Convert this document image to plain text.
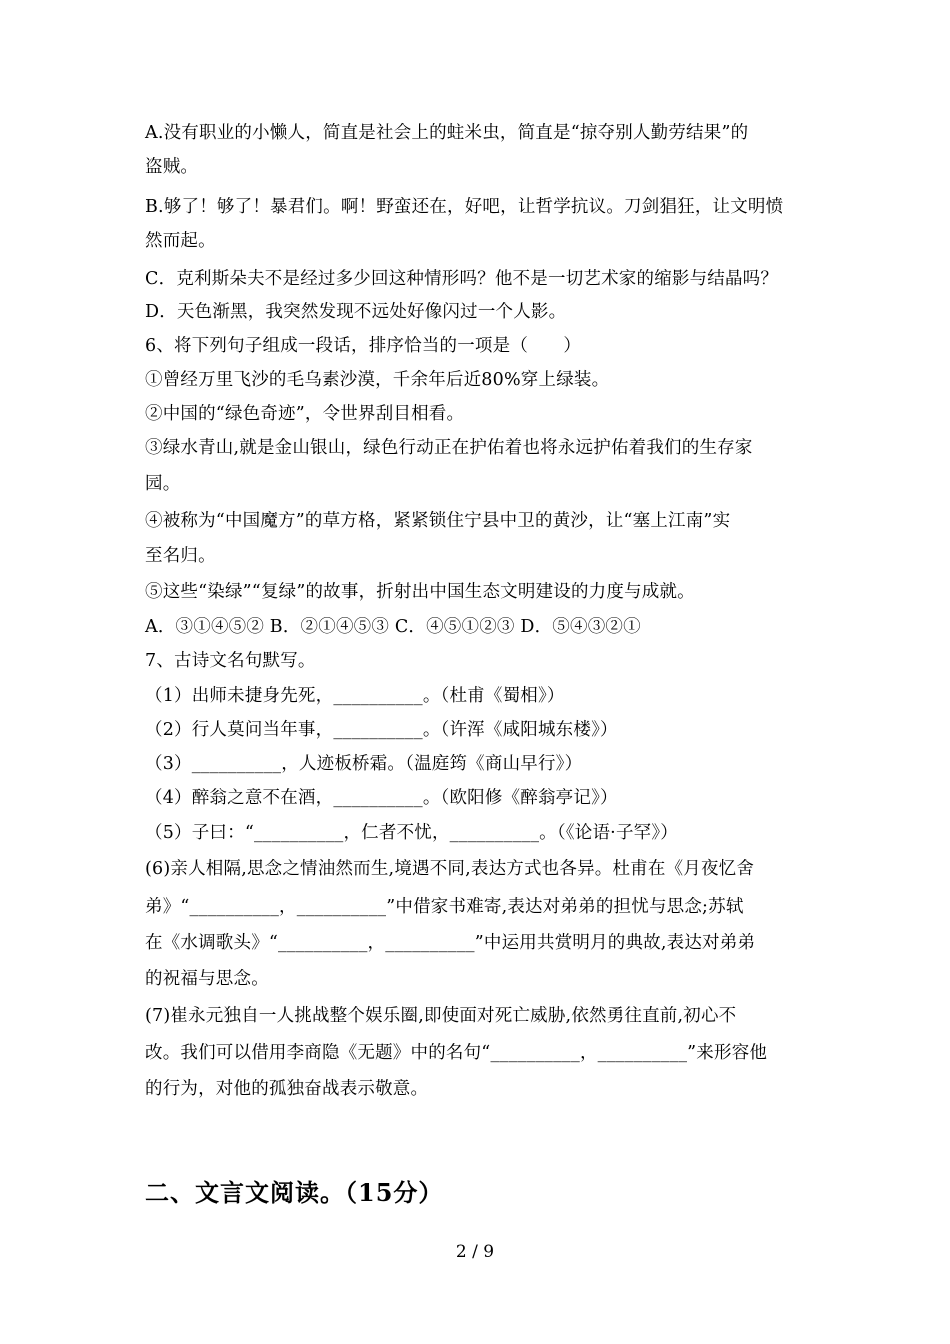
A.没有职业的小懒人，简直是社会上的蛀米虫，简直是“掠夺别人勤劳结果”的
盗贼。
B.够了！够了！暴君们。啊！野蛮还在，好吧，让哲学抗议。刀剑猖狂，让文明愤
然而起。
C．克利斯朵夫不是经过多少回这种情形吗？他不是一切艺术家的缩影与结晶吗？
D．天色渐黑，我突然发现不远处好像闪过一个人影。
6、将下列句子组成一段话，排序恰当的一项是（　　）
①曾经万里飞沙的毛乌素沙漠，千余年后近80%穿上绿装。
②中国的“绿色奇迹”，令世界刮目相看。
③绿水青山,就是金山银山，绿色行动正在护佑着也将永远护佑着我们的生存家
园。
④被称为“中国魔方”的草方格，紧紧锁住宁县中卫的黄沙，让“塞上江南”实
至名归。
⑤这些“染绿”“复绿”的故事，折射出中国生态文明建设的力度与成就。
A．③①④⑤② B．②①④⑤③ C．④⑤①②③ D．⑤④③②①
7、古诗文名句默写。
（1）出师未捷身先死，__________。（杜甫《蜀相》）
（2）行人莫问当年事，__________。（许浑《咸阳城东楼》）
（3）__________，人迹板桥霜。（温庭筠《商山早行》）
（4）醉翁之意不在酒，__________。（欧阳修《醉翁亭记》）
（5）子曰：“__________，仁者不忧，__________。（《论语·子罕》）
(6)亲人相隔,思念之情油然而生,境遇不同,表达方式也各异。杜甫在《月夜忆舍
弟》“__________，__________”中借家书难寄,表达对弟弟的担忧与思念;苏轼
在《水调歌头》“__________，__________”中运用共赏明月的典故,表达对弟弟
的祝福与思念。
(7)崔永元独自一人挑战整个娱乐圈,即使面对死亡威胁,依然勇往直前,初心不
改。我们可以借用李商隐《无题》中的名句“__________，__________”来形容他
的行为，对他的孤独奋战表示敬意。
二、文言文阅读。（15分）
2 / 9
